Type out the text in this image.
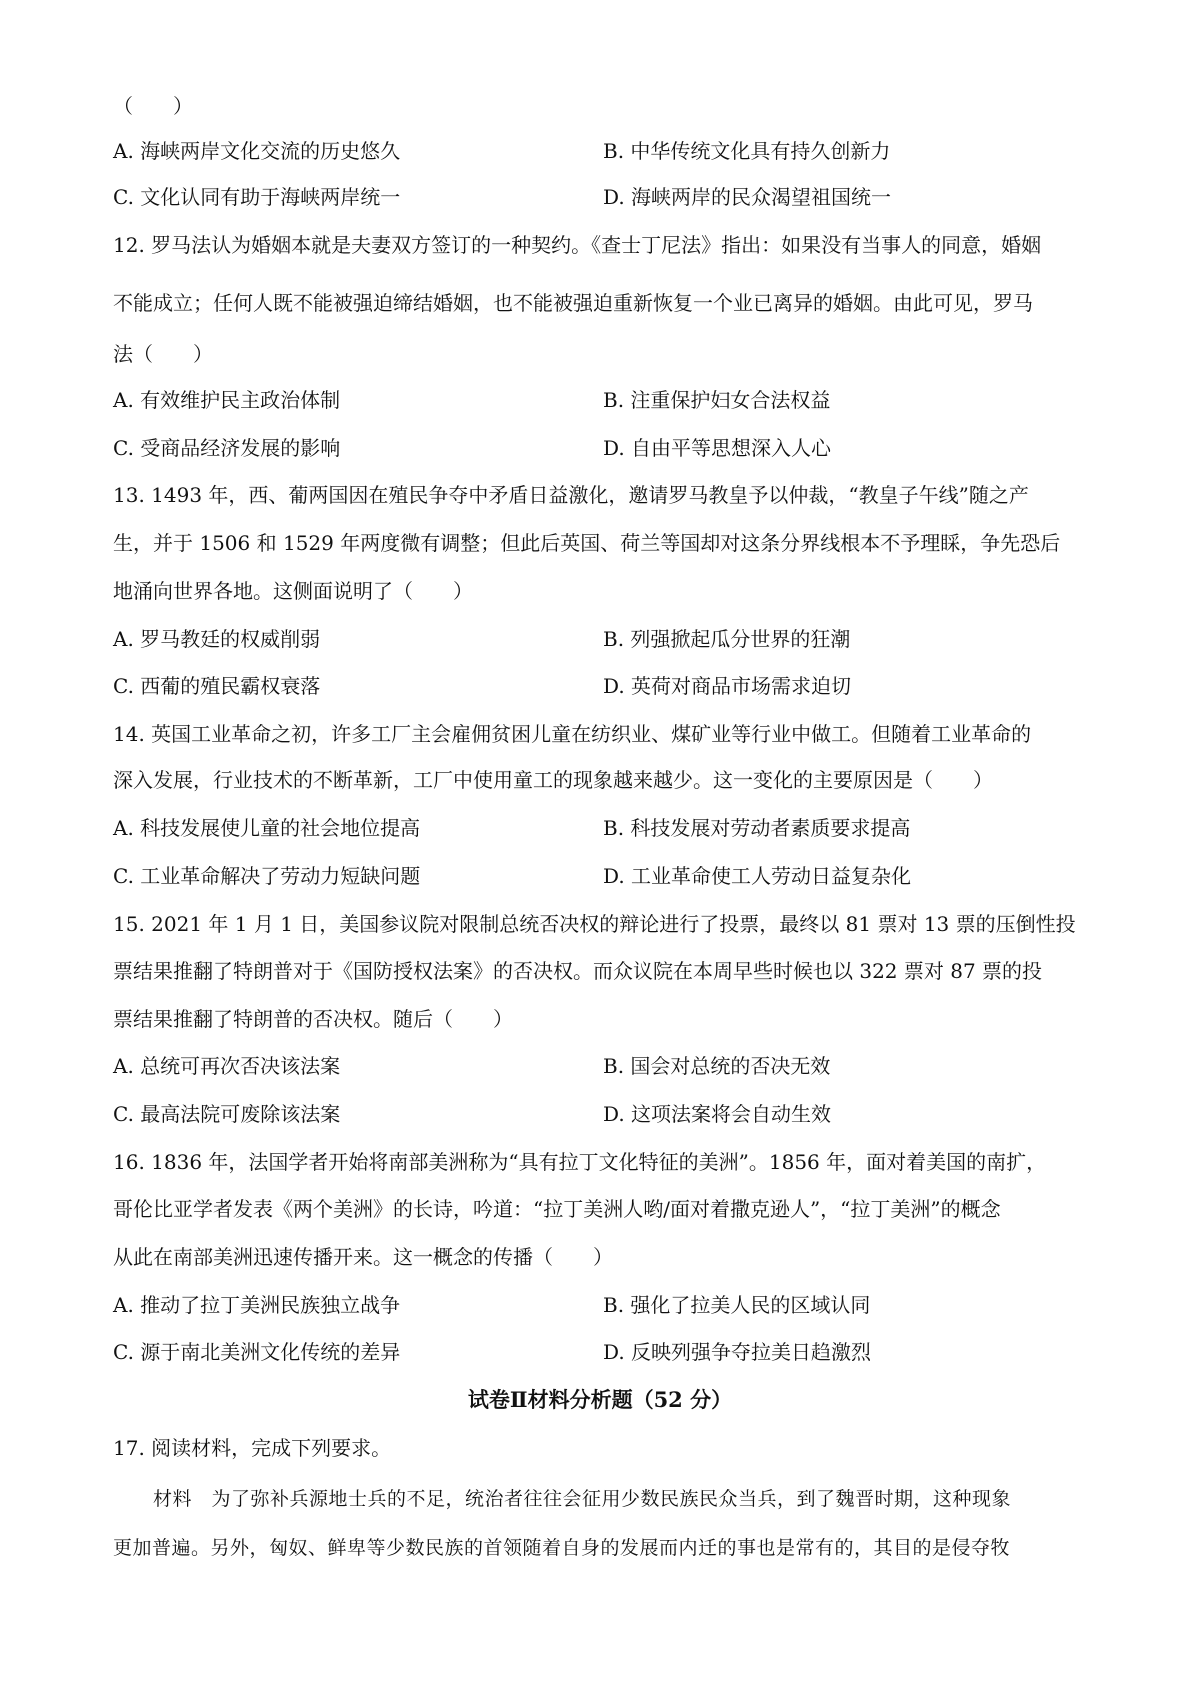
（　　）
A. 海峡两岸文化交流的历史悠久	B. 中华传统文化具有持久创新力
C. 文化认同有助于海峡两岸统一	D. 海峡两岸的民众渴望祖国统一
12. 罗马法认为婚姻本就是夫妻双方签订的一种契约。《查士丁尼法》指出：如果没有当事人的同意，婚姻
不能成立；任何人既不能被强迫缔结婚姻，也不能被强迫重新恢复一个业已离异的婚姻。由此可见，罗马
法（　　）
A. 有效维护民主政治体制	B. 注重保护妇女合法权益
C. 受商品经济发展的影响	D. 自由平等思想深入人心
13. 1493 年，西、葡两国因在殖民争夺中矛盾日益激化，邀请罗马教皇予以仲裁，“教皇子午线”随之产
生，并于 1506 和 1529 年两度微有调整；但此后英国、荷兰等国却对这条分界线根本不予理睬，争先恐后
地涌向世界各地。这侧面说明了（　　）
A. 罗马教廷的权威削弱	B. 列强掀起瓜分世界的狂潮
C. 西葡的殖民霸权衰落	D. 英荷对商品市场需求迫切
14. 英国工业革命之初，许多工厂主会雇佣贫困儿童在纺织业、煤矿业等行业中做工。但随着工业革命的
深入发展，行业技术的不断革新，工厂中使用童工的现象越来越少。这一变化的主要原因是（　　）
A. 科技发展使儿童的社会地位提高	B. 科技发展对劳动者素质要求提高
C. 工业革命解决了劳动力短缺问题	D. 工业革命使工人劳动日益复杂化
15. 2021 年 1 月 1 日，美国参议院对限制总统否决权的辩论进行了投票，最终以 81 票对 13 票的压倒性投
票结果推翻了特朗普对于《国防授权法案》的否决权。而众议院在本周早些时候也以 322 票对 87 票的投
票结果推翻了特朗普的否决权。随后（　　）
A. 总统可再次否决该法案	B. 国会对总统的否决无效
C. 最高法院可废除该法案	D. 这项法案将会自动生效
16. 1836 年，法国学者开始将南部美洲称为“具有拉丁文化特征的美洲”。1856 年，面对着美国的南扩，
哥伦比亚学者发表《两个美洲》的长诗，吟道：“拉丁美洲人哟/面对着撒克逊人”，“拉丁美洲”的概念
从此在南部美洲迅速传播开来。这一概念的传播（　　）
A. 推动了拉丁美洲民族独立战争	B. 强化了拉美人民的区域认同
C. 源于南北美洲文化传统的差异	D. 反映列强争夺拉美日趋激烈
试卷Ⅱ材料分析题（52 分）
17. 阅读材料，完成下列要求。
材料　为了弥补兵源地士兵的不足，统治者往往会征用少数民族民众当兵，到了魏晋时期，这种现象
更加普遍。另外，匈奴、鲜卑等少数民族的首领随着自身的发展而内迁的事也是常有的，其目的是侵夺牧
